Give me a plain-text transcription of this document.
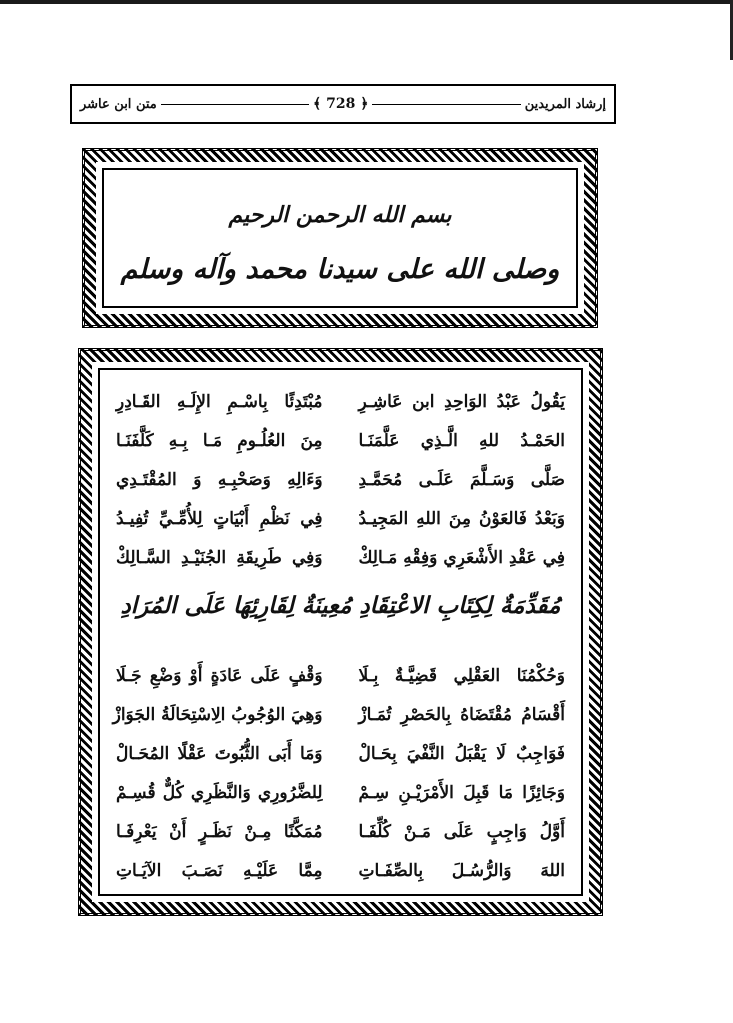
إرشاد المريدين
﴿ 728 ﴾
متن ابن عاشر
بسم الله الرحمن الرحيم
وصلى الله على سيدنا محمد وآله وسلم
يَقُولُ عَبْدُ الوَاحِدِ ابن عَاشِـرِ
مُبْتَدِئًا بِاسْـمِ الإِلَـهِ القَـادِرِ
الحَمْـدُ للهِ الَّـذِي عَلَّمَنَـا
مِنَ العُلُـومِ مَـا بِـهِ كَلَّفَنَـا
صَلَّى وَسَـلَّمَ عَلَـى مُحَمَّـدِ
وَءَالِهِ وَصَحْبِـهِ وَ المُقْتَـدِي
وَبَعْدُ فَالعَوْنُ مِنَ اللهِ المَجِيـدُ
فِي نَظْمِ أَبْيَاتٍ لِلأُمِّـيِّ تُفِيـدُ
فِي عَقْدِ الأَشْعَرِي وَفِقْهِ مَـالِكْ
وَفِي طَرِيقَةِ الجُنَيْـدِ السَّـالِكْ
مُقَدِّمَةٌ لِكِتَابِ الاعْتِقَادِ مُعِينَةٌ لِقَارِئِهَا عَلَى المُرَادِ
وَحُكْمُنَا العَقْلِي قَضِيَّـةٌ بِـلَا
وَقْفٍ عَلَى عَادَةٍ أَوْ وَضْعِ جَـلَا
أَقْسَامُ مُقْتَضَاهُ بِالحَصْرِ تُمَـازْ
وَهِيَ الوُجُوبُ الِاسْتِحَالَةُ الجَوَازْ
فَوَاجِبٌ لَا يَقْبَلُ النَّفْيَ بِحَـالْ
وَمَا أَبَى الثُّبُوتَ عَقْلًا المُحَـالْ
وَجَائِزًا مَا قَبِلَ الأَمْرَيْـنِ سِـمْ
لِلضَّرُورِي وَالنَّظَرِي كُلٌّ قُسِـمْ
أَوَّلُ وَاجِبٍ عَلَى مَـنْ كُلِّفَـا
مُمَكَّنًا مِـنْ نَظَـرٍ أَنْ يَعْرِفَـا
اللهَ وَالرُّسُـلَ بِالصِّفَـاتِ
مِمَّا عَلَيْـهِ نَصَـبَ الآيَـاتِ
